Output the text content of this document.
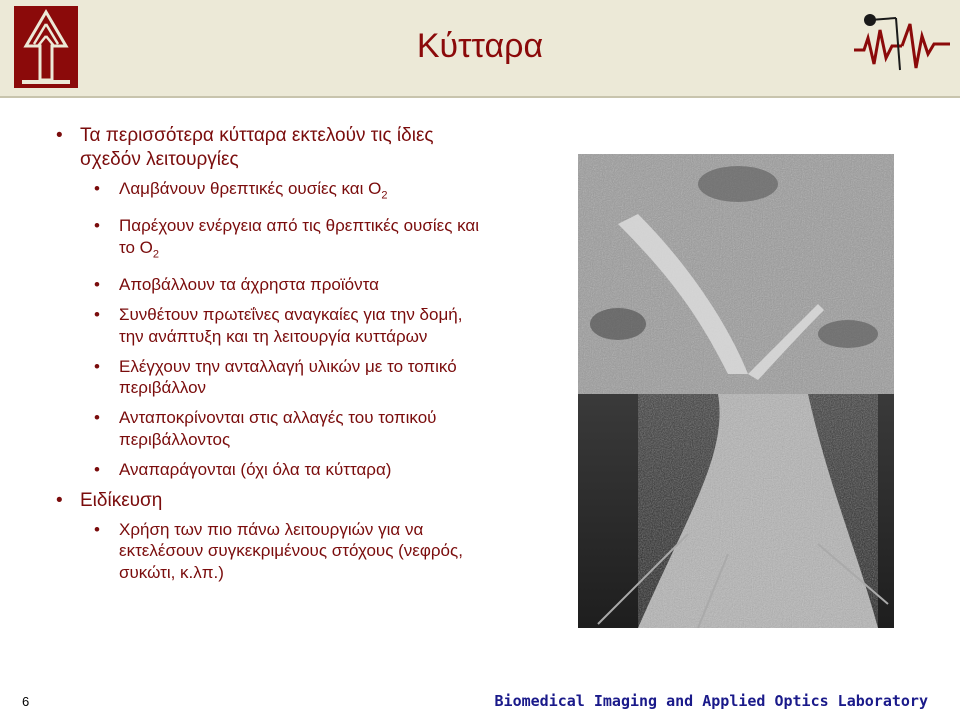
Κύτταρα
• Τα περισσότερα κύτταρα εκτελούν τις ίδιες σχεδόν λειτουργίες
• Λαμβάνουν θρεπτικές ουσίες και $O_2$
• Παρέχουν ενέργεια από τις θρεπτικές ουσίες και το $O_2$
• Αποβάλλουν τα άχρηστα προϊόντα
• Συνθέτουν πρωτεΐνες αναγκαίες για την δομή, την ανάπτυξη και τη λειτουργία κυττάρων
• Ελέγχουν την ανταλλαγή υλικών με το τοπικό περιβάλλον
• Ανταποκρίνονται στις αλλαγές του τοπικού περιβάλλοντος
• Αναπαράγονται (όχι όλα τα κύτταρα)
• Ειδίκευση
• Χρήση των πιο πάνω λειτουργιών για να εκτελέσουν συγκεκριμένους στόχους (νεφρός, συκώτι, κ.λπ.)
6	Biomedical Imaging and Applied Optics Laboratory
